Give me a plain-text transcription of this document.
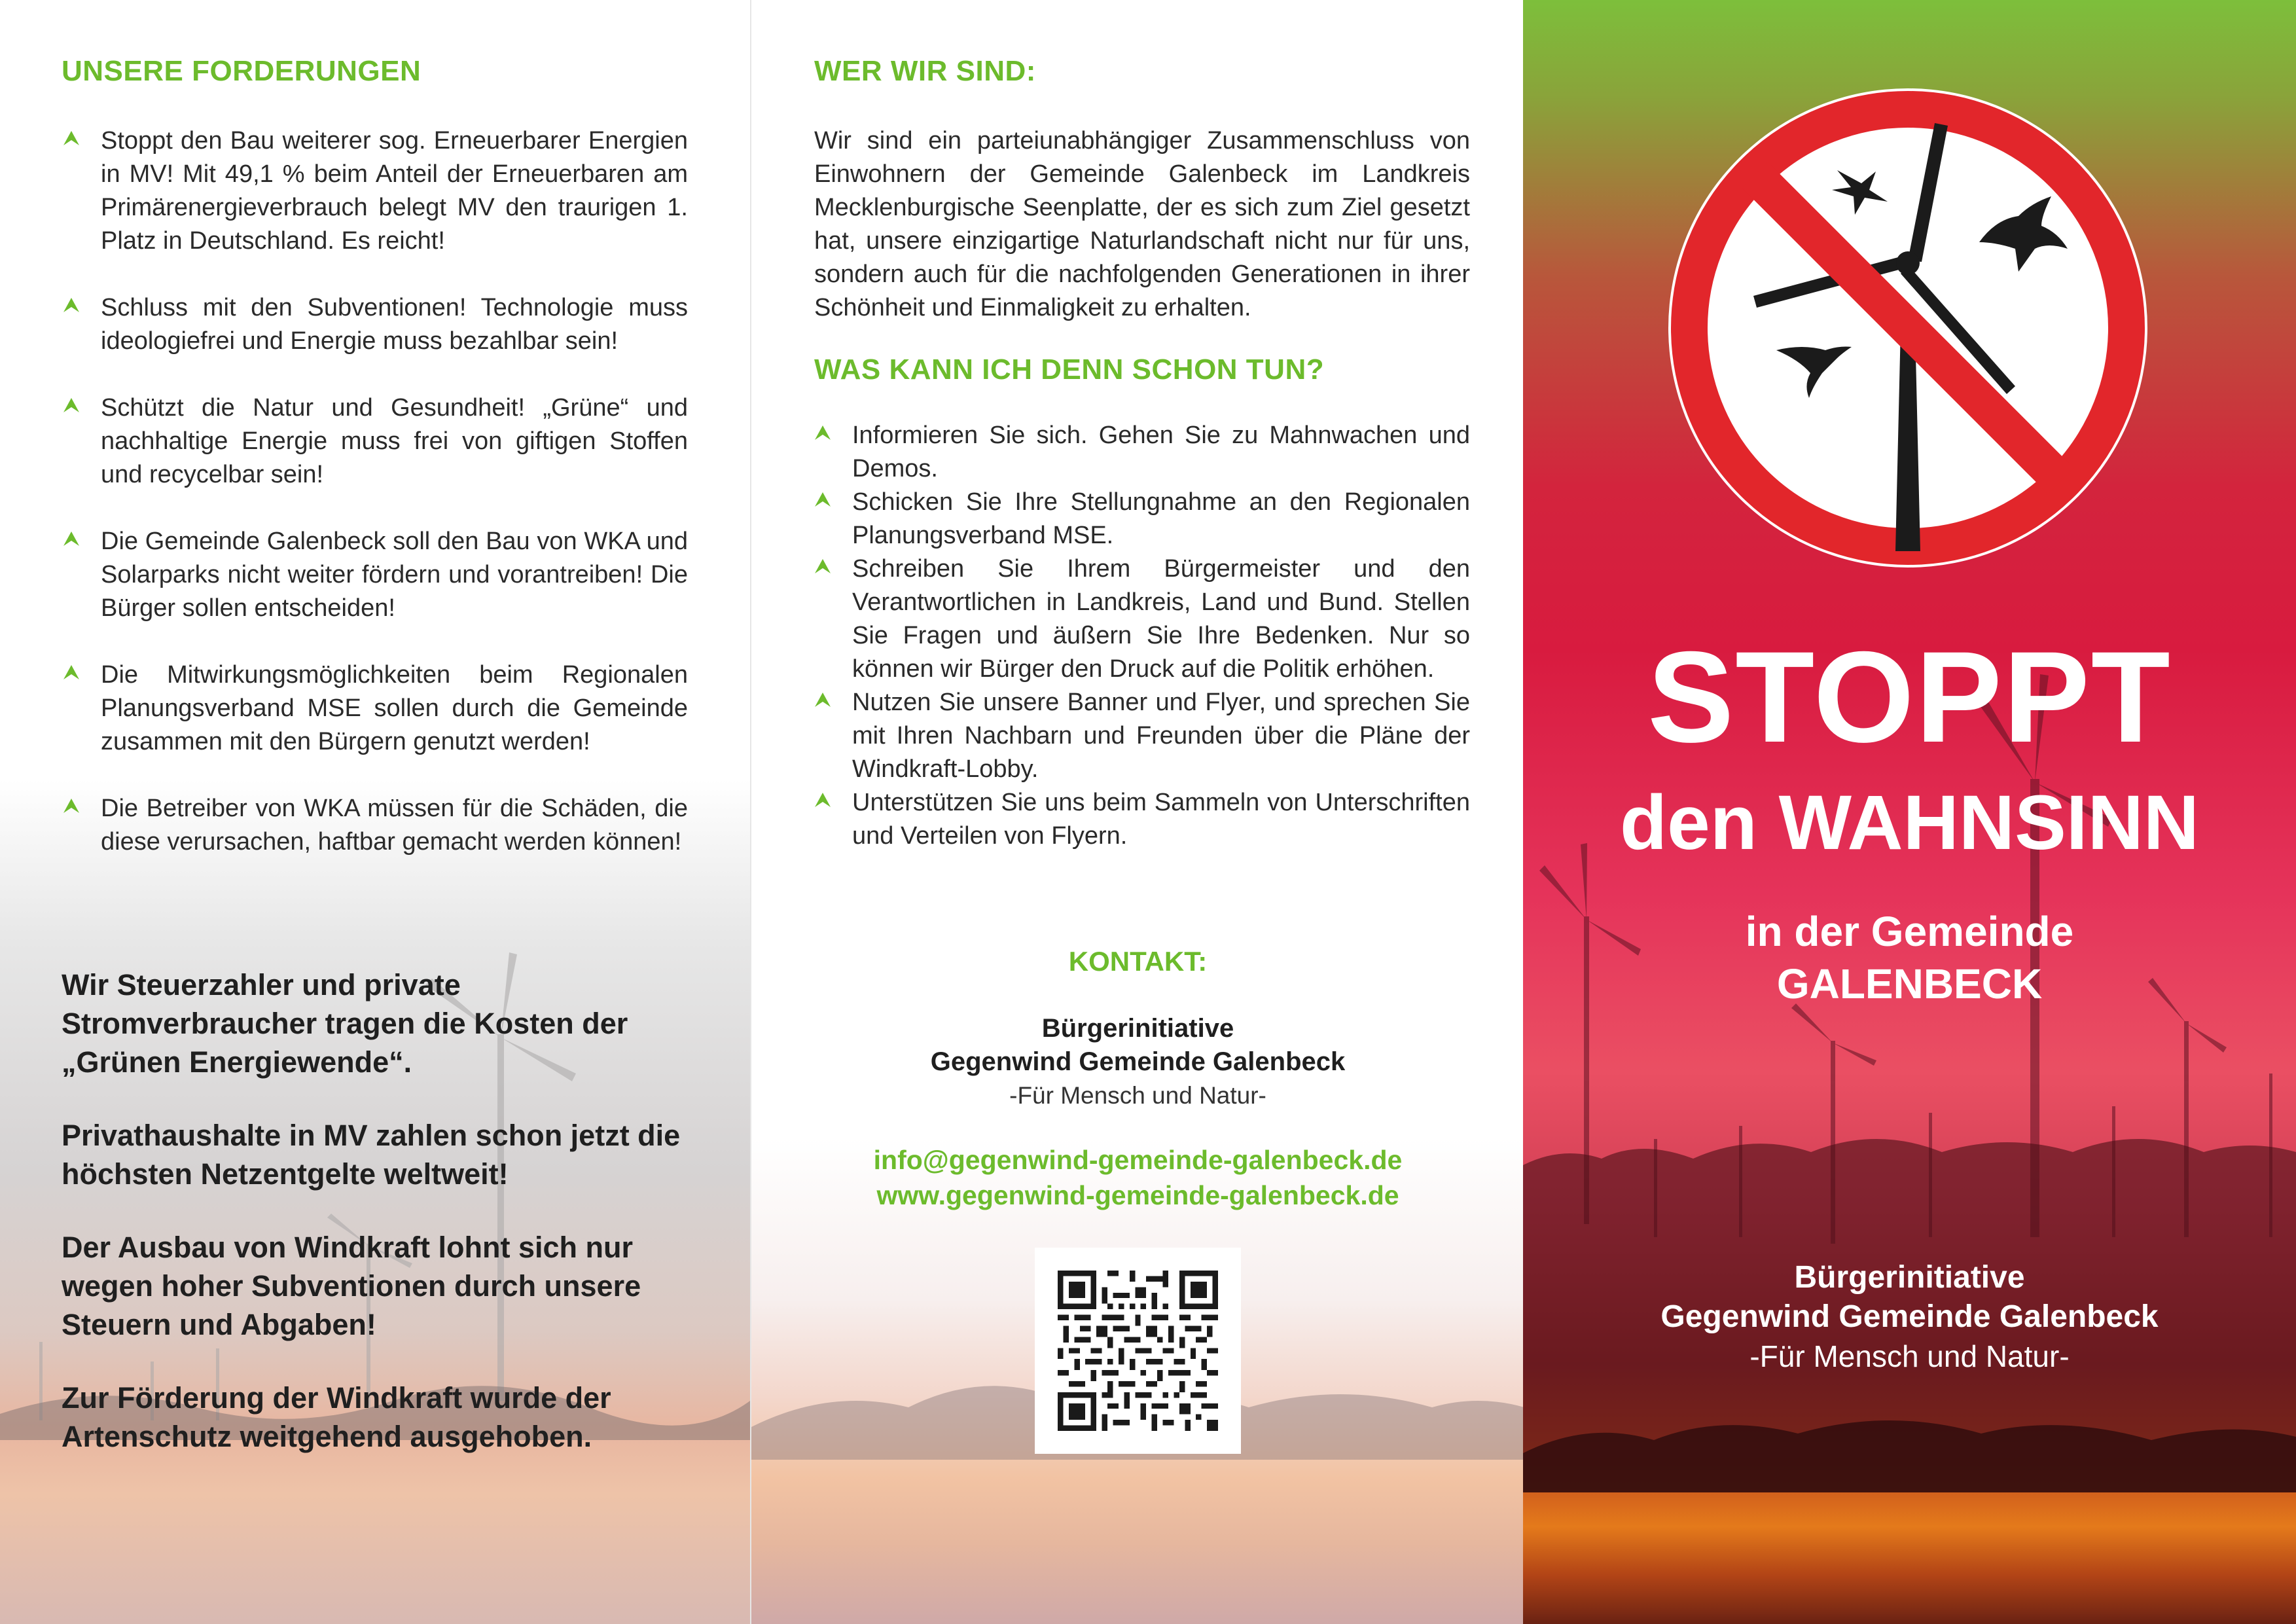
UNSERE FORDERUNGEN
Stoppt den Bau weiterer sog. Erneuerbarer Energien in MV! Mit 49,1 % beim Anteil der Erneuerbaren am Primärenergieverbrauch belegt MV den traurigen 1. Platz in Deutschland. Es reicht!
Schluss mit den Subventionen! Technologie muss ideologiefrei und Energie muss bezahlbar sein!
Schützt die Natur und Gesundheit! „Grüne“ und nachhaltige Energie muss frei von giftigen Stoffen und recycelbar sein!
Die Gemeinde Galenbeck soll den Bau von WKA und Solarparks nicht weiter fördern und vorantreiben! Die Bürger sollen entscheiden!
Die Mitwirkungsmöglichkeiten beim Regionalen Planungsverband MSE sollen durch die Gemeinde zusammen mit den Bürgern genutzt werden!
Die Betreiber von WKA müssen für die Schäden, die diese verursachen, haftbar gemacht werden können!

Wir Steuerzahler und private Stromverbraucher tragen die Kosten der „Grünen Energiewende“.

Privathaushalte in MV zahlen schon jetzt die höchsten Netzentgelte weltweit!

Der Ausbau von Windkraft lohnt sich nur wegen hoher Subventionen durch unsere Steuern und Abgaben!

Zur Förderung der Windkraft wurde der Artenschutz weitgehend ausgehoben.

WER WIR SIND:

Wir sind ein parteiunabhängiger Zusammenschluss von Einwohnern der Gemeinde Galenbeck im Landkreis Mecklenburgische Seenplatte, der es sich zum Ziel gesetzt hat, unsere einzigartige Naturlandschaft nicht nur für uns, sondern auch für die nachfolgenden Generationen in ihrer Schönheit und Einmaligkeit zu erhalten.

WAS KANN ICH DENN SCHON TUN?
Informieren Sie sich. Gehen Sie zu Mahnwachen und Demos.
Schicken Sie Ihre Stellungnahme an den Regionalen Planungsverband MSE.
Schreiben Sie Ihrem Bürgermeister und den Verantwortlichen in Landkreis, Land und Bund. Stellen Sie Fragen und äußern Sie Ihre Bedenken. Nur so können wir Bürger den Druck auf die Politik erhöhen.
Nutzen Sie unsere Banner und Flyer, und sprechen Sie mit Ihren Nachbarn und Freunden über die Pläne der Windkraft-Lobby.
Unterstützen Sie uns beim Sammeln von Unterschriften und Verteilen von Flyern.
KONTAKT:
Bürgerinitiative
Gegenwind Gemeinde Galenbeck
-Für Mensch und Natur-
info@gegenwind-gemeinde-galenbeck.de
www.gegenwind-gemeinde-galenbeck.de
STOPPT
den WAHNSINN
in der Gemeinde
GALENBECK
Bürgerinitiative
Gegenwind Gemeinde Galenbeck
-Für Mensch und Natur-
